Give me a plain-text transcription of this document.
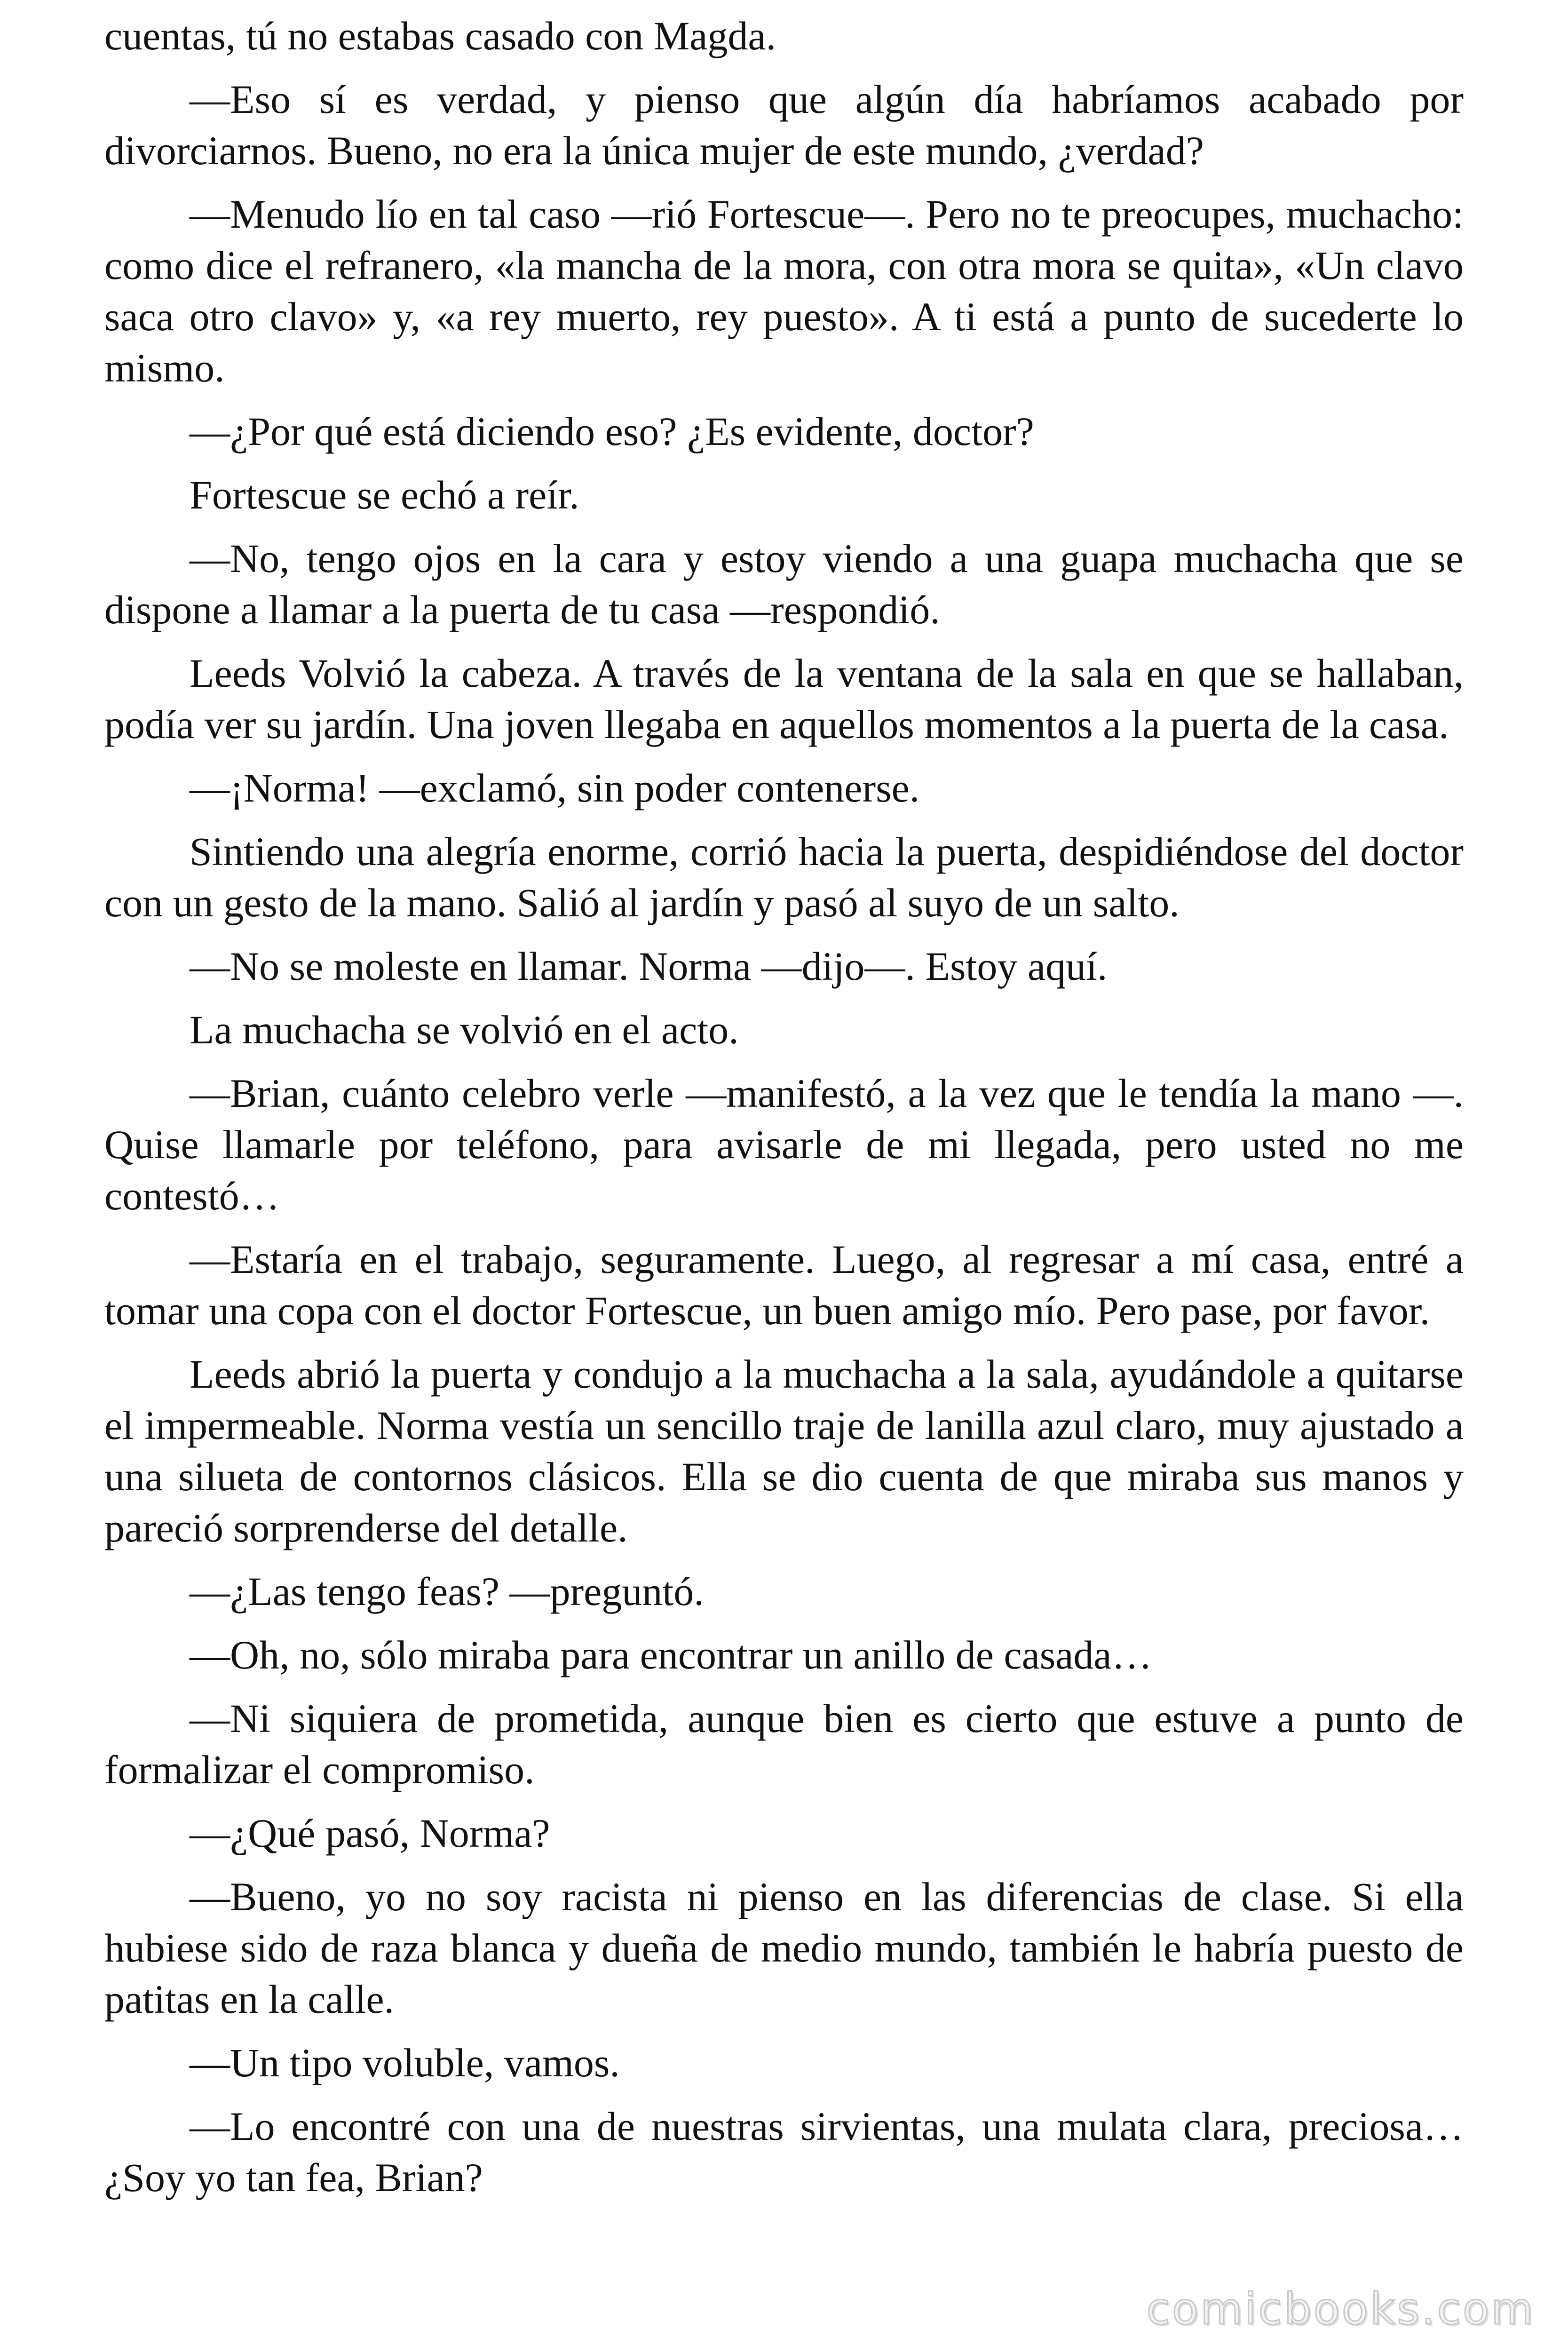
cuentas, tú no estabas casado con Magda.

—Eso sí es verdad, y pienso que algún día habríamos acabado por divorciarnos. Bueno, no era la única mujer de este mundo, ¿verdad?

—Menudo lío en tal caso —rió Fortescue—. Pero no te preocupes, muchacho: como dice el refranero, «la mancha de la mora, con otra mora se quita», «Un clavo saca otro clavo» y, «a rey muerto, rey puesto». A ti está a punto de sucederte lo mismo.

—¿Por qué está diciendo eso? ¿Es evidente, doctor?

Fortescue se echó a reír.

—No, tengo ojos en la cara y estoy viendo a una guapa muchacha que se dispone a llamar a la puerta de tu casa —respondió.

Leeds Volvió la cabeza. A través de la ventana de la sala en que se hallaban, podía ver su jardín. Una joven llegaba en aquellos momentos a la puerta de la casa.

—¡Norma! —exclamó, sin poder contenerse.

Sintiendo una alegría enorme, corrió hacia la puerta, despidiéndose del doctor con un gesto de la mano. Salió al jardín y pasó al suyo de un salto.

—No se moleste en llamar. Norma —dijo—. Estoy aquí.

La muchacha se volvió en el acto.

—Brian, cuánto celebro verle —manifestó, a la vez que le tendía la mano —. Quise llamarle por teléfono, para avisarle de mi llegada, pero usted no me contestó…

—Estaría en el trabajo, seguramente. Luego, al regresar a mí casa, entré a tomar una copa con el doctor Fortescue, un buen amigo mío. Pero pase, por favor.

Leeds abrió la puerta y condujo a la muchacha a la sala, ayudándole a quitarse el impermeable. Norma vestía un sencillo traje de lanilla azul claro, muy ajustado a una silueta de contornos clásicos. Ella se dio cuenta de que miraba sus manos y pareció sorprenderse del detalle.

—¿Las tengo feas? —preguntó.

—Oh, no, sólo miraba para encontrar un anillo de casada…

—Ni siquiera de prometida, aunque bien es cierto que estuve a punto de formalizar el compromiso.

—¿Qué pasó, Norma?

—Bueno, yo no soy racista ni pienso en las diferencias de clase. Si ella hubiese sido de raza blanca y dueña de medio mundo, también le habría puesto de patitas en la calle.

—Un tipo voluble, vamos.

—Lo encontré con una de nuestras sirvientas, una mulata clara, preciosa… ¿Soy yo tan fea, Brian?

comicbooks.com
